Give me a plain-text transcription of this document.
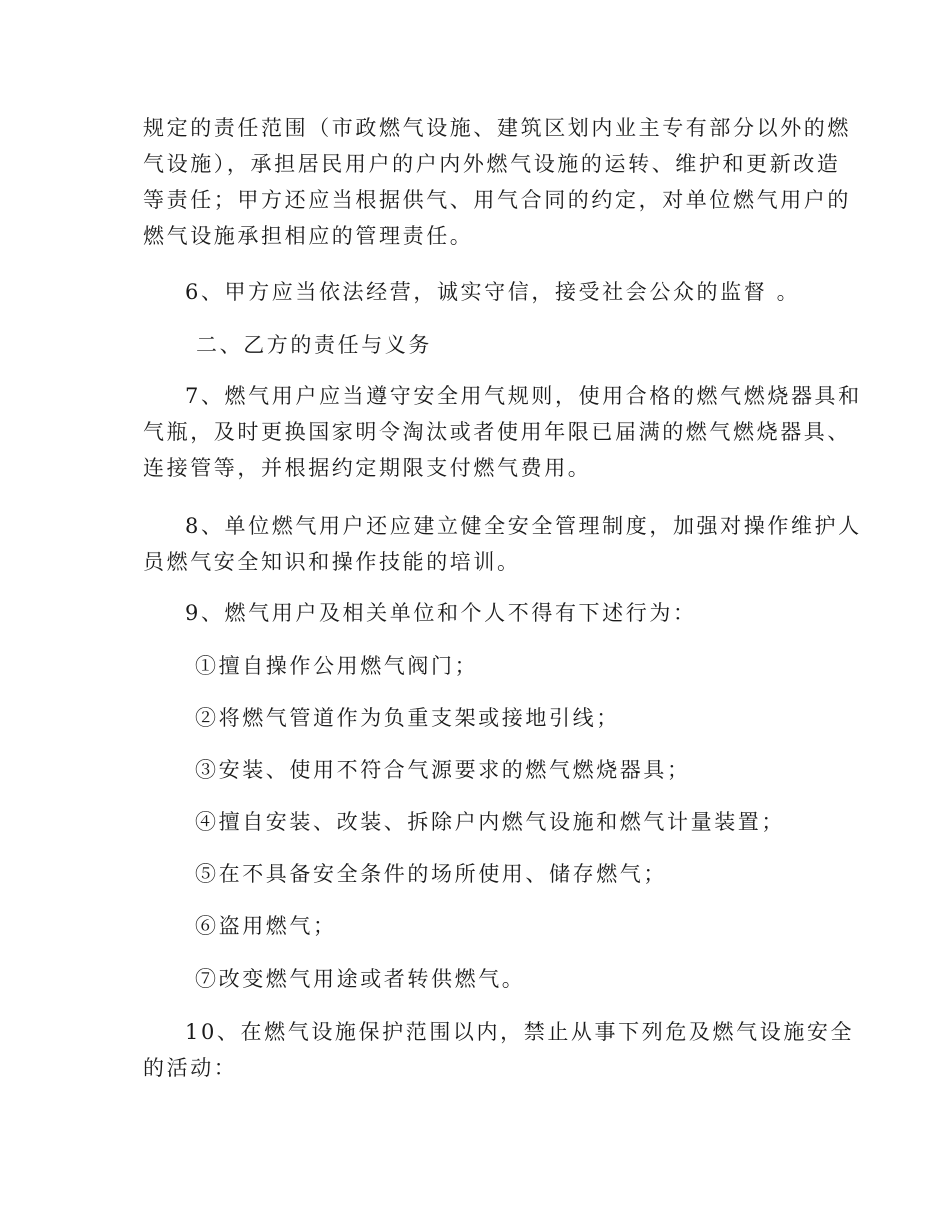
规定的责任范围（市政燃气设施、建筑区划内业主专有部分以外的燃
气设施），承担居民用户的户内外燃气设施的运转、维护和更新改造
等责任；甲方还应当根据供气、用气合同的约定，对单位燃气用户的
燃气设施承担相应的管理责任。

6、甲方应当依法经营，诚实守信，接受社会公众的监督 。

二、乙方的责任与义务

7、燃气用户应当遵守安全用气规则，使用合格的燃气燃烧器具和
气瓶，及时更换国家明令淘汰或者使用年限已届满的燃气燃烧器具、
连接管等，并根据约定期限支付燃气费用。

8、单位燃气用户还应建立健全安全管理制度，加强对操作维护人
员燃气安全知识和操作技能的培训。

9、燃气用户及相关单位和个人不得有下述行为：

①擅自操作公用燃气阀门；

②将燃气管道作为负重支架或接地引线；

③安装、使用不符合气源要求的燃气燃烧器具；

④擅自安装、改装、拆除户内燃气设施和燃气计量装置；

⑤在不具备安全条件的场所使用、储存燃气；

⑥盗用燃气；

⑦改变燃气用途或者转供燃气。

10、在燃气设施保护范围以内，禁止从事下列危及燃气设施安全
的活动：
